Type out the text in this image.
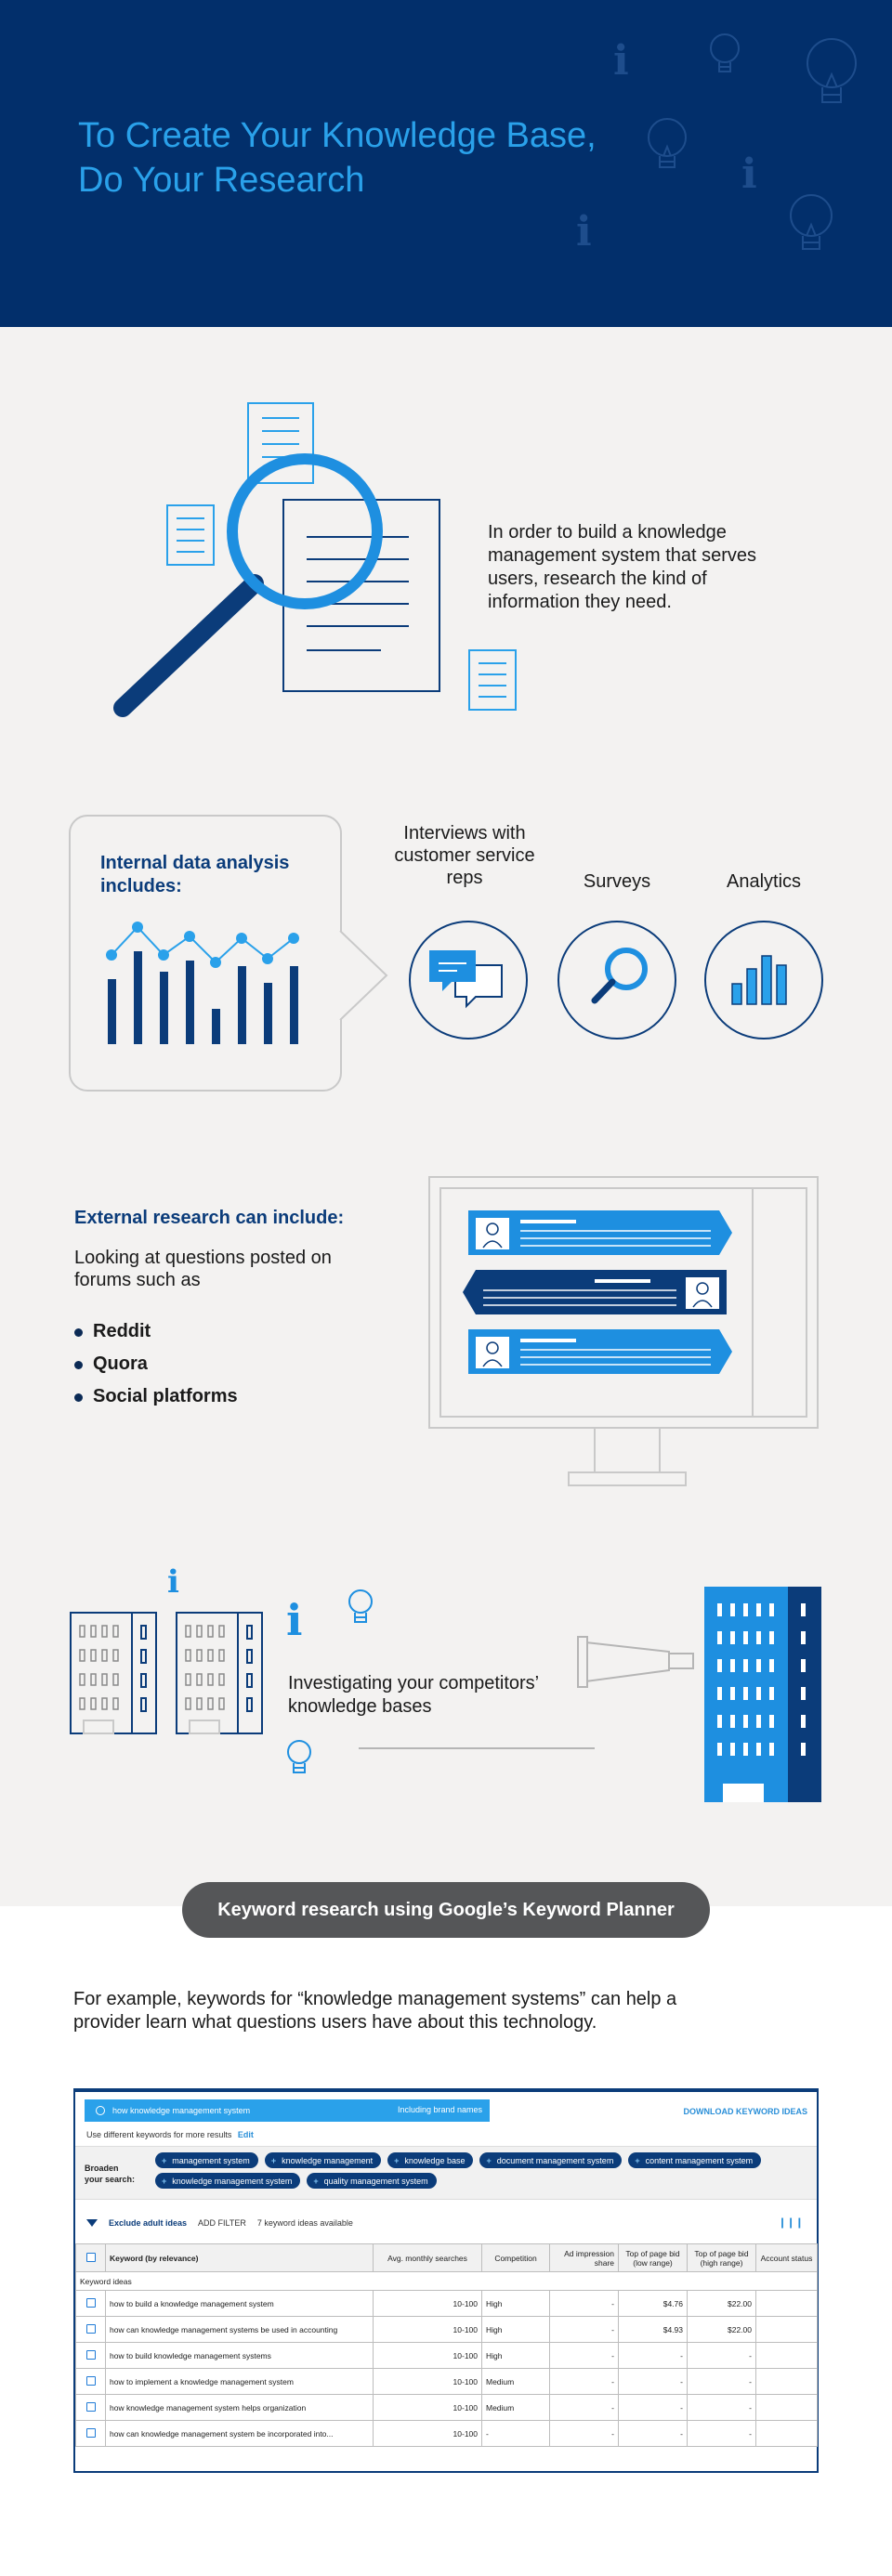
i
i
i
To Create Your Knowledge Base,
Do Your Research
In order to build a knowledge management system that serves users, research the kind of information they need.
Internal data analysis includes:
Interviews with customer service reps	Surveys	Analytics
External research can include:
Looking at questions posted on forums such as
Reddit
Quora
Social platforms
i
i
Investigating your competitors’ knowledge bases
Keyword research using Google’s Keyword Planner
For example, keywords for “knowledge management systems” can help a provider learn what questions users have about this technology.
how knowledge management system	Including brand names	DOWNLOAD KEYWORD IDEAS
Use different keywords for more results Edit
Broaden your search:
+ management system	+ knowledge management	+ knowledge base	+ document management system	+ content management system
+ knowledge management system	+ quality management system
Exclude adult ideas ADD FILTER 7 keyword ideas available	❙❙❙
	Keyword (by relevance)	Avg. monthly searches	Competition	Ad impression share	Top of page bid (low range)	Top of page bid (high range)	Account status
Keyword ideas							
	how to build a knowledge management system	10-100	High	-	$4.76	$22.00	
	how can knowledge management systems be used in accounting	10-100	High	-	$4.93	$22.00	
	how to build knowledge management systems	10-100	High	-	-	-	
	how to implement a knowledge management system	10-100	Medium	-	-	-	
	how knowledge management system helps organization	10-100	Medium	-	-	-	
	how can knowledge management system be incorporated into...	10-100	-	-	-	-	
